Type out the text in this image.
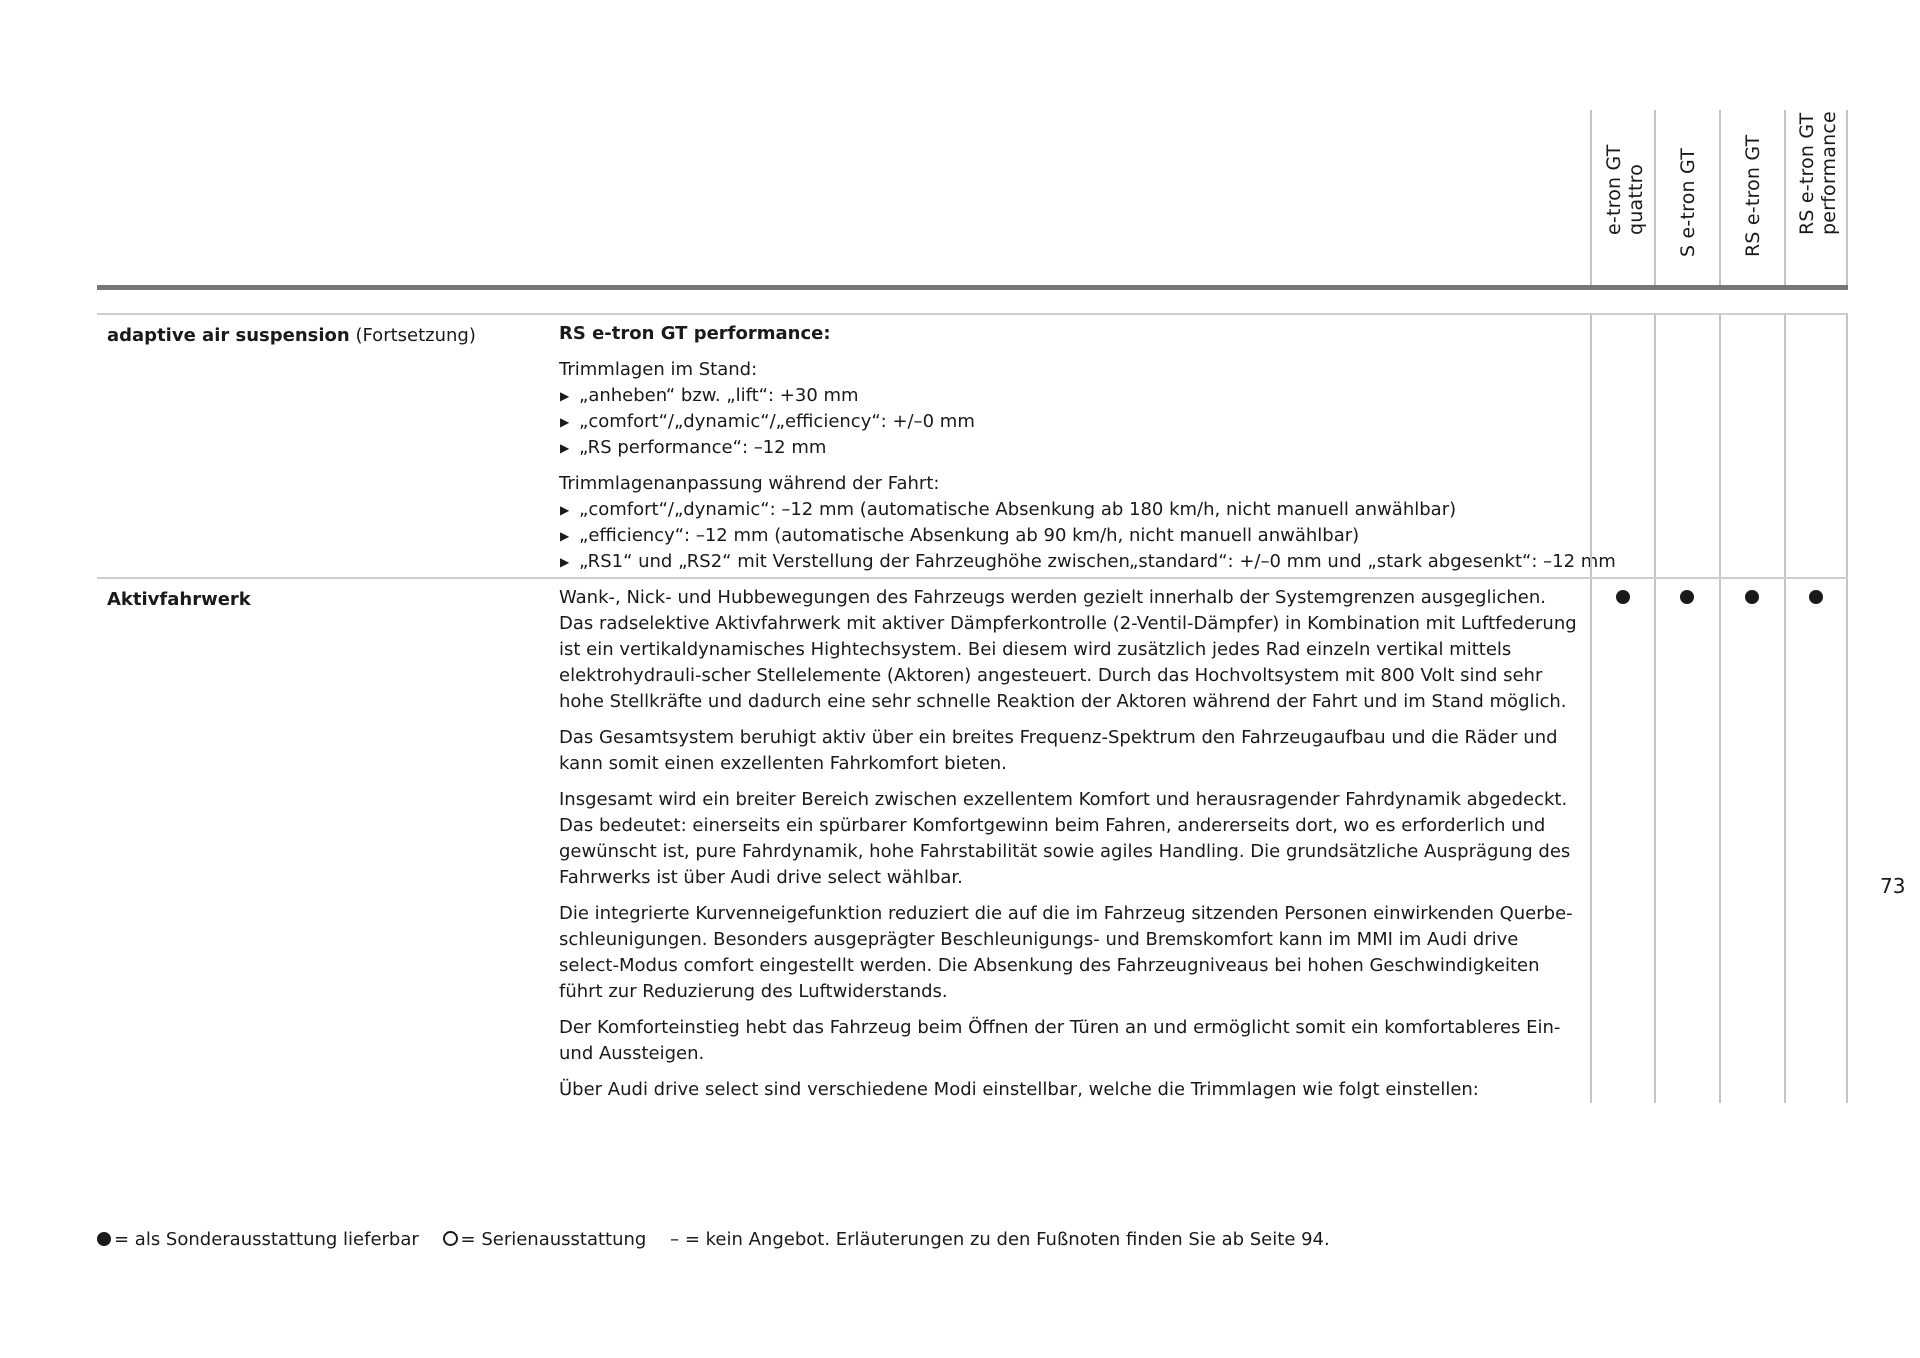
e-tron GT quattro S e-tron GT RS e-tron GT RS e-tron GT performance
adaptive air suspension (Fortsetzung)	RS e-tron GT performance:

Trimmlagen im Stand:

▶ „anheben“ bzw. „lift“: +30 mm
▶ „comfort“/„dynamic“/„efficiency“: +/–0 mm
▶ „RS performance“: –12 mm

Trimmlagenanpassung während der Fahrt:

▶ „comfort“/„dynamic“: –12 mm (automatische Absenkung ab 180 km/h, nicht manuell anwählbar)
▶ „efficiency“: –12 mm (automatische Absenkung ab 90 km/h, nicht manuell anwählbar)
▶ „RS1“ und „RS2“ mit Verstellung der Fahrzeughöhe zwischen„standard“: +/–0 mm und „stark abgesenkt“: –12 mm
Aktivfahrwerk	Wank-, Nick- und Hubbewegungen des Fahrzeugs werden gezielt innerhalb der Systemgrenzen ausgeglichen. Das radselektive Aktivfahrwerk mit aktiver Dämpferkontrolle (2-Ventil-Dämpfer) in Kombination mit Luftfederung ist ein vertikaldynamisches Hightechsystem. Bei diesem wird zusätzlich jedes Rad einzeln vertikal mittels elektrohydrauli-scher Stellelemente (Aktoren) angesteuert. Durch das Hochvoltsystem mit 800 Volt sind sehr hohe Stellkräfte und dadurch eine sehr schnelle Reaktion der Aktoren während der Fahrt und im Stand möglich.

Das Gesamtsystem beruhigt aktiv über ein breites Frequenz-Spektrum den Fahrzeugaufbau und die Räder und kann somit einen exzellenten Fahrkomfort bieten.

Insgesamt wird ein breiter Bereich zwischen exzellentem Komfort und herausragender Fahrdynamik abgedeckt. Das bedeutet: einerseits ein spürbarer Komfortgewinn beim Fahren, andererseits dort, wo es erforderlich und gewünscht ist, pure Fahrdynamik, hohe Fahrstabilität sowie agiles Handling. Die grundsätzliche Ausprägung des Fahrwerks ist über Audi drive select wählbar.

Die integrierte Kurvenneigefunktion reduziert die auf die im Fahrzeug sitzenden Personen einwirkenden Querbe-schleunigungen. Besonders ausgeprägter Beschleunigungs- und Bremskomfort kann im MMI im Audi drive select-Modus comfort eingestellt werden. Die Absenkung des Fahrzeugniveaus bei hohen Geschwindigkeiten führt zur Reduzierung des Luftwiderstands.

Der Komforteinstieg hebt das Fahrzeug beim Öffnen der Türen an und ermöglicht somit ein komfortableres Ein- und Aussteigen.

Über Audi drive select sind verschiedene Modi einstellbar, welche die Trimmlagen wie folgt einstellen:

73
= als Sonderausstattung lieferbar = Serienausstattung – = kein Angebot. Erläuterungen zu den Fußnoten finden Sie ab Seite 94.
